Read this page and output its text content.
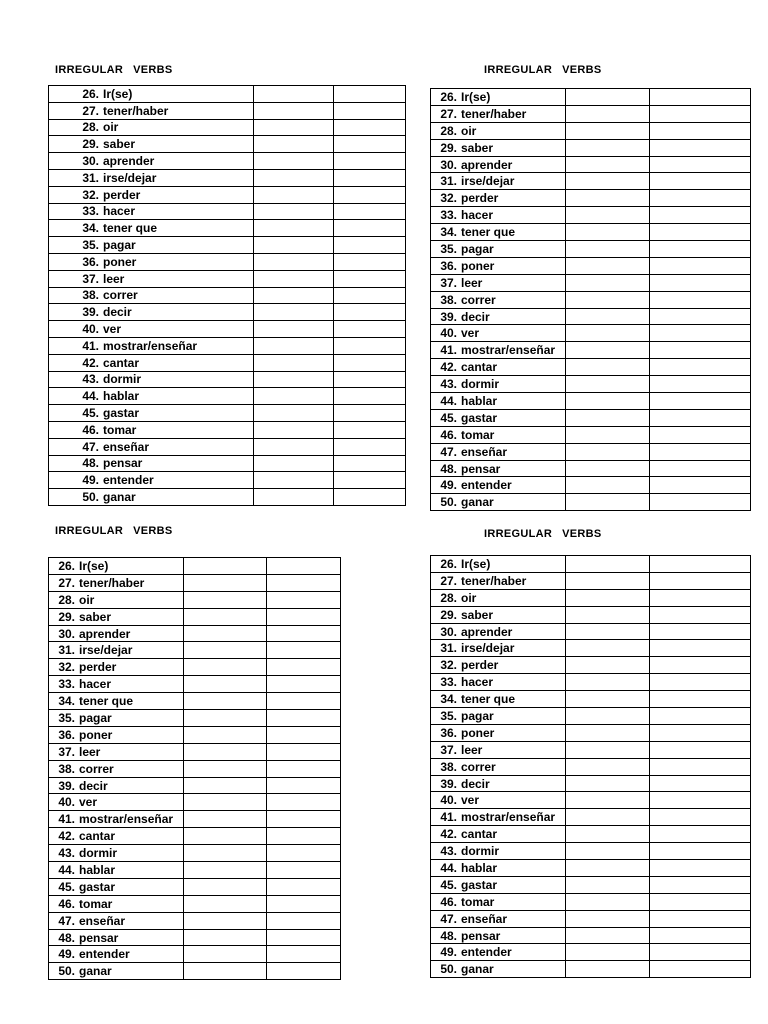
IRREGULAR   VERBS	IRREGULAR   VERBS
IRREGULAR   VERBS	IRREGULAR   VERBS
26. Ir(se)		
27. tener/haber		
28. oir		
29. saber		
30. aprender		
31. irse/dejar		
32. perder		
33. hacer		
34. tener que		
35. pagar		
36. poner		
37. leer		
38. correr		
39. decir		
40. ver		
41. mostrar/enseñar		
42. cantar		
43. dormir		
44. hablar		
45. gastar		
46. tomar		
47. enseñar		
48. pensar		
49. entender		
50. ganar		
26. Ir(se)		
27. tener/haber		
28. oir		
29. saber		
30. aprender		
31. irse/dejar		
32. perder		
33. hacer		
34. tener que		
35. pagar		
36. poner		
37. leer		
38. correr		
39. decir		
40. ver		
41. mostrar/enseñar		
42. cantar		
43. dormir		
44. hablar		
45. gastar		
46. tomar		
47. enseñar		
48. pensar		
49. entender		
50. ganar		
26. Ir(se)		
27. tener/haber		
28. oir		
29. saber		
30. aprender		
31. irse/dejar		
32. perder		
33. hacer		
34. tener que		
35. pagar		
36. poner		
37. leer		
38. correr		
39. decir		
40. ver		
41. mostrar/enseñar		
42. cantar		
43. dormir		
44. hablar		
45. gastar		
46. tomar		
47. enseñar		
48. pensar		
49. entender		
50. ganar		
26. Ir(se)		
27. tener/haber		
28. oir		
29. saber		
30. aprender		
31. irse/dejar		
32. perder		
33. hacer		
34. tener que		
35. pagar		
36. poner		
37. leer		
38. correr		
39. decir		
40. ver		
41. mostrar/enseñar		
42. cantar		
43. dormir		
44. hablar		
45. gastar		
46. tomar		
47. enseñar		
48. pensar		
49. entender		
50. ganar		
